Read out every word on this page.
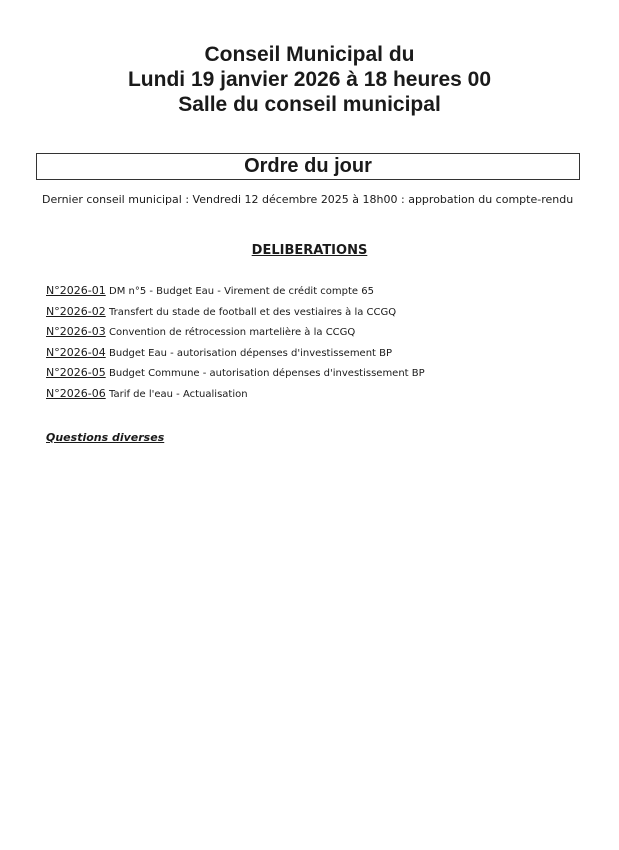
Conseil Municipal du
Lundi 19 janvier 2026 à 18 heures 00
Salle du conseil municipal
Ordre du jour
Dernier conseil municipal : Vendredi 12 décembre 2025 à 18h00 : approbation du compte-rendu
DELIBERATIONS
N°2026-01 DM n°5 - Budget Eau - Virement de crédit compte 65
N°2026-02 Transfert du stade de football et des vestiaires à la CCGQ
N°2026-03 Convention de rétrocession martelière à la CCGQ
N°2026-04 Budget Eau - autorisation dépenses d'investissement BP
N°2026-05 Budget Commune - autorisation dépenses d'investissement BP
N°2026-06 Tarif de l'eau - Actualisation
Questions diverses
